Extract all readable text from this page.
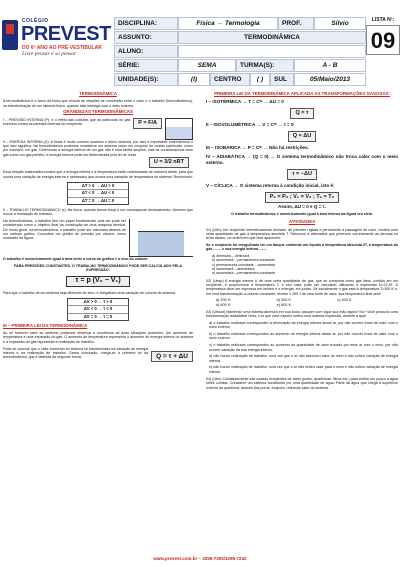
COLÉGIO
PREVEST
DO 6º ANO AO PRÉ-VESTIBULAR
Livre pensar é só pensar
DISCIPLINA:	Física → Termologia	PROF.	Sílvio
ASSUNTO:	TERMODINÂMICA
ALUNO:
SÉRIE:	SEMA	TURMA(S):	A - B
UNIDADE(S):	(I)	CENTRO	( )	SUL	05/Maio/2013
LISTA Nº:
09
TERMODINÂMICA

A termodinâmica é o ramo da física que estuda as relações de conversão entre o calor e o trabalho (termodinâmico), na transformação de um sistema físico, quando este interage com o meio externo.

GRANDEZAS TERMODINÂMICAS

I – PRESSÃO INTERNA (P): é o efeito das colisões que as partículas do gás exercem contra as paredes internas do recipiente.	P = F/A

II – ENERGIA INTERNA (U): A física é muito comum usarmos o termo sistema, por isso é importante entendermos o que isso significa. Na termodinâmica podemos considerar um sistema como um conjunto de muitas partículas, como por exemplo, um gás. Determinar a energia interna de um gás não é uma tarefa simples, mas se considerarmos esse gás como um gás perfeito, a energia interna pode ser determinada pela lei de Joule.

U = 3/2 nRT

Essa relação matemática mostra que a energia interna e a temperatura estão relacionadas de maneira direta, para que ocorra uma variação de energia interna é necessário que ocorra uma variação de temperatura do sistema. Resumindo:

ΔT > 0 → ΔU > 0
ΔT < 0 → ΔU < 0
ΔT = 0 → ΔU = 0

II – TRABALHO TERMODINÂMICO (τ): Na física, quando temos força e um consequente deslocamento, dizemos que houve a realização de trabalho.

Na termodinâmica, o trabalho tem um papel fundamental, pois ele pode ser considerado como o objetivo final da construção de uma máquina térmica. De modo geral, na termodinâmica, o trabalho pode ser calculado através de um método gráfico. Considere um gráfico de pressão por volume, como mostrado na figura.

O trabalho é numericamente igual à área entre a curva do gráfico e o eixo do volume.

PARA PRESSÕES CONSTANTES, O TRABALHO TERMODINÂMICO PODE SER CALCULADO PELA EXPRESSÃO:

τ = p (V₂ − V₁)

Para que o trabalho de um sistema seja diferente de zero, é obrigatório uma variação de volume do sistema.

ΔV > 0 → τ > 0
ΔV < 0 → τ < 0
ΔV = 0 → τ = 0
III – PRIMEIRA LEI DA TERMODINÂMICA

Ao se fornecer calor ao sistema, podemos observar a ocorrência de duas situações possíveis. Um aumento de temperatura e uma expansão do gás. O aumento de temperatura representa o aumento de energia interna do sistema e a expansão do gás representa a realização de trabalho.

Pode se concluir que o calor fornecido ao sistema foi transformado na variação de energia interna e na realização de trabalho. Desta conclusão, chega-se à primeira lei da termodinâmica, que é definida da seguinte forma.	Q = τ + ΔU
PRIMEIRA LEI DA TERMODINÂMICA APLICADA AS TRANSFORMAÇÕES GASOSAS:
I – ISOTÉRMICA → T = Cᵗᵉ → ΔU = 0
Q = τ
II – ISOVOLUMÉTRICA → V = Cᵗᵉ → τ = 0
Q = ΔU
III – ISOBÁRICA → P = Cᵗᵉ → Não há restrições.
IV – ADIABÁTICA → (Q = 0) → O sistema termodinâmico não troca calor com o meio externo.
τ = −ΔU
V – CÍCLICA → O sistema retorna à condição inicial, isto é:
P₁ = P₂ ; V₁ = V₂ ; T₁ = T₂

Assim, ΔU = 0 e Q = τ.

O trabalho termodinâmico é numericamente igual à área interna da figura era ciclo.

ATIVIDADES

01) (Ufrn) Um recipiente hermeticamente fechado, de paredes rígidas e permeáveis à passagem de calor, contém uma certa quantidade de gás à temperatura absoluta T. Selecione a alternativa que preenche corretamente as lacunas no texto abaixo, na ordem em que elas aparecem.

Se o recipiente for mergulhado em um tanque contendo um líquido à temperatura absoluta 2T, a temperatura do gás ........ e sua energia interna ........

a) diminuirá – diminuirá
b) aumentará – permanecerá constante
c) permanecerá constante – aumentará
d) aumentará – aumentará
e) aumentará – permanecerá constante

02) (Uesp) A energia interna U de uma certa quantidade de gás, que se comporta como gás ideal, contido em um recipiente, é proporcional à temperatura T, e seu valor pode ser calculado utilizando a expressão U=12,5T. A temperatura deve ser expressa em kelvins e a energia, em joules. Se inicialmente o gás está à temperatura T=300 K e, em uma transformação a volume constante, recebe 1 250 J de uma fonte de calor, sua temperatura final será:

a) 200 K.	b) 300 K.	c) 400 K.
d) 600 K.	e) 800 K.

03) (Ufscar) Mantendo uma estreita abertura em sua boca, assopre com vigor sua mão agora! Viu? Você produziu uma transformação adiabática! Nela, o ar que você expeliu sofreu uma violenta expansão, durante a qual

a) o trabalho realizado correspondeu à diminuição da energia interna desse ar, por não ocorrer troca de calor com o meio externo.

b) o trabalho realizado correspondeu ao aumento da energia interna desse ar, por não ocorrer troca de calor com o meio externo.

c) o trabalho realizado correspondeu ao aumento da quantidade de calor trocado por esse ar com o meio, por não ocorrer variação da sua energia interna.

d) não houve realização de trabalho, uma vez que o ar não absorveu calor do meio e não sofreu variação de energia interna.

e) não houve realização de trabalho, uma vez que o ar não cedeu calor para o meio e não sofreu variação de energia interna.

04) (Ufrn) Colidiantemente são usadas recipientes de barro (potes, quartinhas, filtros etc.) para esfriar um pouco a água neles contida. Considere um sistema constituído por uma quantidade de água. Parte da água que chega à superfície externa da quartinha, através dos poros, evapora, retirando calor do sistema.

www.prevest.com.br – 3255-7300/3255-7242
